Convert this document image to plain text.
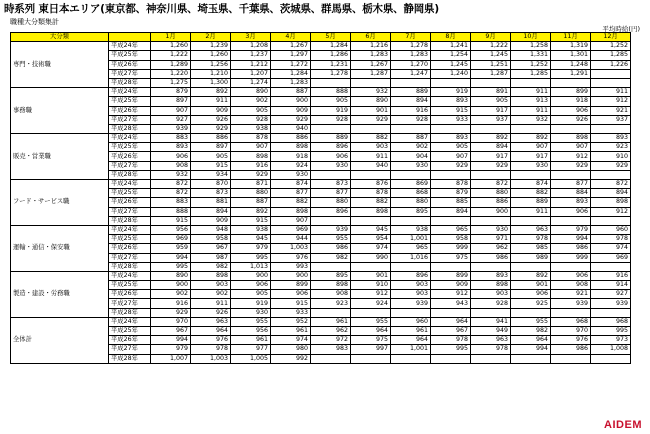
時系列 東日本エリア(東京都、神奈川県、埼玉県、千葉県、茨城県、群馬県、栃木県、静岡県)
職種大分類集計
平均時給(円)
大分類		1月	2月	3月	4月	5月	6月	7月	8月	9月	10月	11月	12月
専門・技術職	平成24年	1,260	1,239	1,208	1,267	1,284	1,216	1,278	1,241	1,222	1,258	1,319	1,252
	平成25年	1,222	1,260	1,237	1,297	1,286	1,283	1,283	1,254	1,245	1,331	1,301	1,285
	平成26年	1,289	1,256	1,212	1,272	1,231	1,267	1,270	1,245	1,251	1,252	1,248	1,226
	平成27年	1,220	1,210	1,207	1,284	1,278	1,287	1,247	1,240	1,287	1,285	1,291	
	平成28年	1,275	1,300	1,274	1,283								
事務職	平成24年	879	892	890	887	888	932	889	919	891	911	899	911
	平成25年	897	911	902	900	905	890	894	893	905	913	918	912
	平成26年	907	909	905	909	919	901	916	915	917	911	906	921
	平成27年	927	926	928	929	928	929	928	933	937	932	926	937
	平成28年	939	929	938	940								
販売・営業職	平成24年	883	886	878	886	889	882	887	893	892	892	898	893
	平成25年	893	897	907	898	896	903	902	905	894	907	907	923
	平成26年	906	905	898	918	906	911	904	907	917	917	912	910
	平成27年	908	915	916	924	930	940	930	929	929	930	929	929
	平成28年	932	934	929	930								
フード・サービス職	平成24年	872	870	871	874	873	876	869	878	872	874	877	872
	平成25年	872	873	880	877	877	878	868	879	880	882	884	894
	平成26年	883	881	887	882	880	882	880	885	886	889	893	898
	平成27年	888	894	892	898	896	898	895	894	900	911	906	912
	平成28年	915	909	915	907								
運輸・通信・保安職	平成24年	956	948	938	969	939	945	938	965	930	963	979	960
	平成25年	969	958	945	944	955	954	1,001	958	971	978	994	978
	平成26年	959	967	979	1,003	986	974	965	999	962	985	986	974
	平成27年	994	987	995	976	982	990	1,016	975	986	989	999	969
	平成28年	995	982	1,013	993								
製造・建設・労務職	平成24年	890	898	900	900	895	901	896	899	893	892	906	916
	平成25年	900	903	906	899	898	910	903	909	898	901	908	914
	平成26年	902	902	905	906	908	912	903	912	903	906	921	927
	平成27年	916	911	919	915	923	924	939	943	928	925	939	939
	平成28年	929	926	930	933								
全体計	平成24年	970	963	955	952	961	955	960	964	941	955	968	968
	平成25年	967	964	956	961	962	964	961	967	949	982	970	995
	平成26年	994	976	961	974	972	975	964	978	963	964	976	973
	平成27年	979	978	977	980	983	997	1,001	995	978	994	986	1,008
	平成28年	1,007	1,003	1,005	992								
AIDEM
